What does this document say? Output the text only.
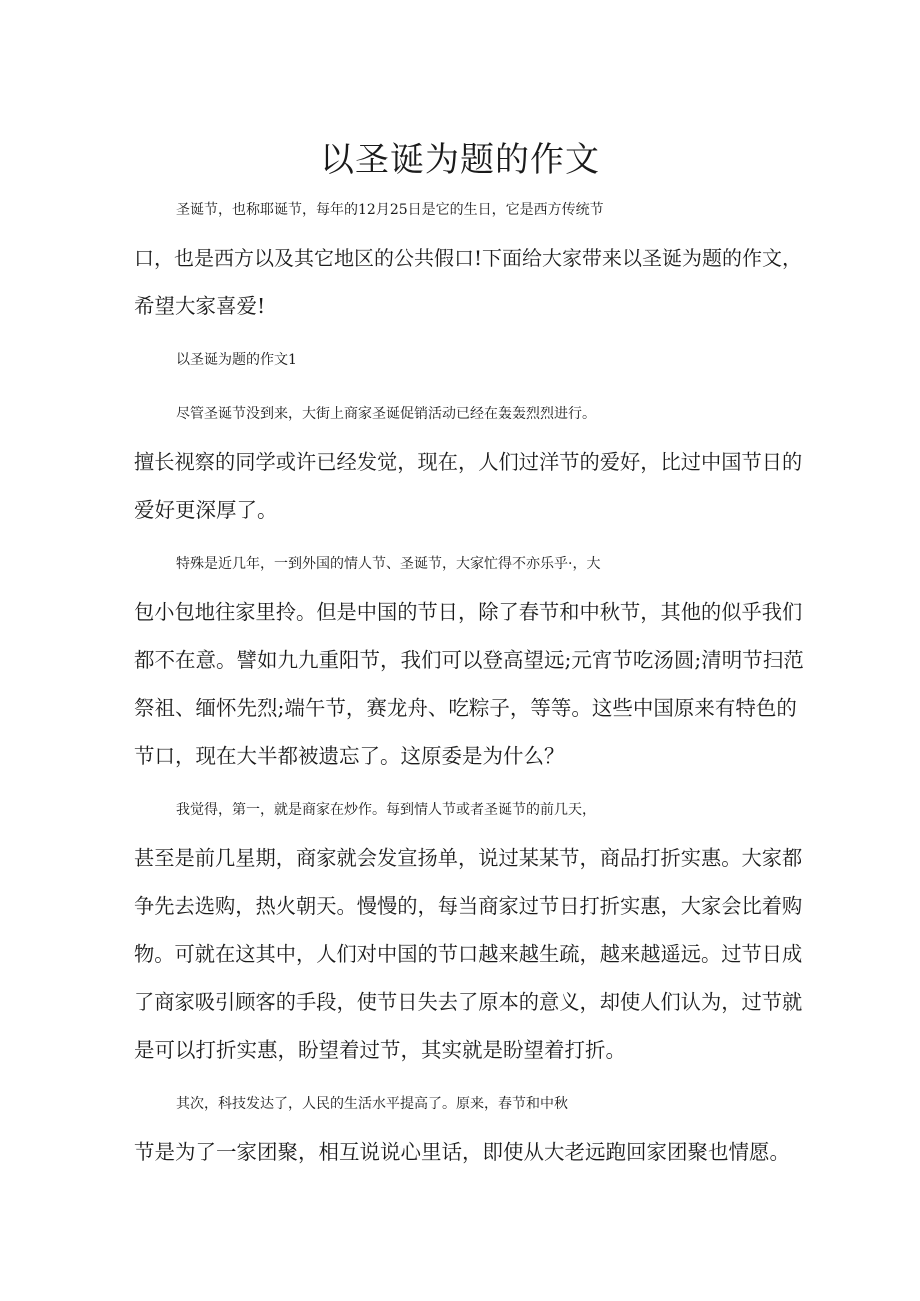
以圣诞为题的作文
圣诞节，也称耶诞节，每年的12月25日是它的生日，它是西方传统节
口，也是西方以及其它地区的公共假口!下面给大家带来以圣诞为题的作文，
希望大家喜爱!
以圣诞为题的作文1
尽管圣诞节没到来，大街上商家圣诞促销活动已经在轰轰烈烈进行。
擅长视察的同学或许已经发觉，现在，人们过洋节的爱好，比过中国节日的
爱好更深厚了。
特殊是近几年，一到外国的情人节、圣诞节，大家忙得不亦乐乎·，大
包小包地往家里拎。但是中国的节日，除了春节和中秋节，其他的似乎我们
都不在意。譬如九九重阳节，我们可以登高望远;元宵节吃汤圆;清明节扫范
祭祖、缅怀先烈;端午节，赛龙舟、吃粽子，等等。这些中国原来有特色的
节口，现在大半都被遗忘了。这原委是为什么？
我觉得，第一，就是商家在炒作。每到情人节或者圣诞节的前几天，
甚至是前几星期，商家就会发宣扬单，说过某某节，商品打折实惠。大家都
争先去选购，热火朝天。慢慢的，每当商家过节日打折实惠，大家会比着购
物。可就在这其中，人们对中国的节口越来越生疏，越来越遥远。过节日成
了商家吸引顾客的手段，使节日失去了原本的意义，却使人们认为，过节就
是可以打折实惠，盼望着过节，其实就是盼望着打折。
其次，科技发达了，人民的生活水平提高了。原来，春节和中秋
节是为了一家团聚，相互说说心里话，即使从大老远跑回家团聚也情愿。
